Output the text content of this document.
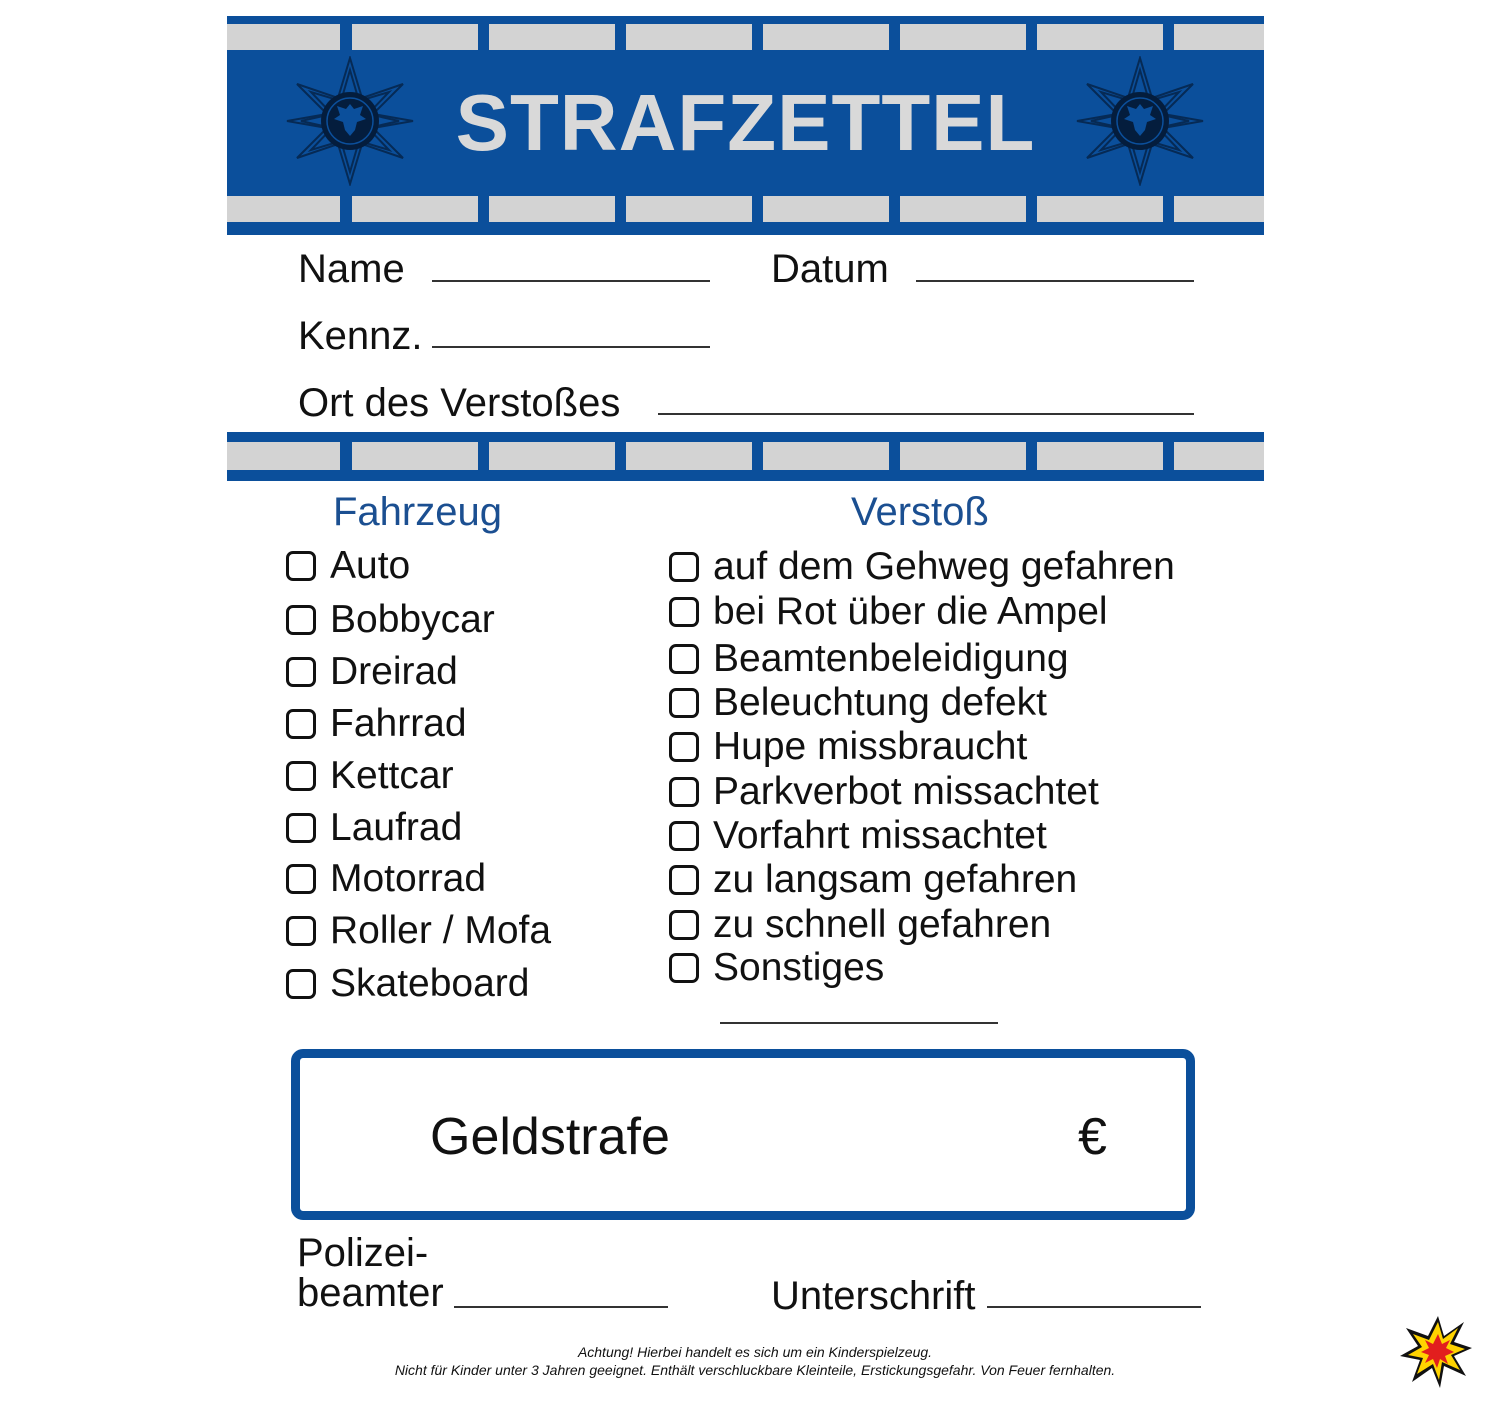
STRAFZETTEL
Name	Datum
Kennz.
Ort des Verstoßes
Fahrzeug	Verstoß
Auto
Bobbycar
Dreirad
Fahrrad
Kettcar
Laufrad
Motorrad
Roller / Mofa
Skateboard
auf dem Gehweg gefahren
bei Rot über die Ampel
Beamtenbeleidigung
Beleuchtung defekt
Hupe missbraucht
Parkverbot missachtet
Vorfahrt missachtet
zu langsam gefahren
zu schnell gefahren
Sonstiges
Geldstrafe	€
Polizei-
beamter	Unterschrift
Achtung! Hierbei handelt es sich um ein Kinderspielzeug.
Nicht für Kinder unter 3 Jahren geeignet. Enthält verschluckbare Kleinteile, Erstickungsgefahr. Von Feuer fernhalten.
